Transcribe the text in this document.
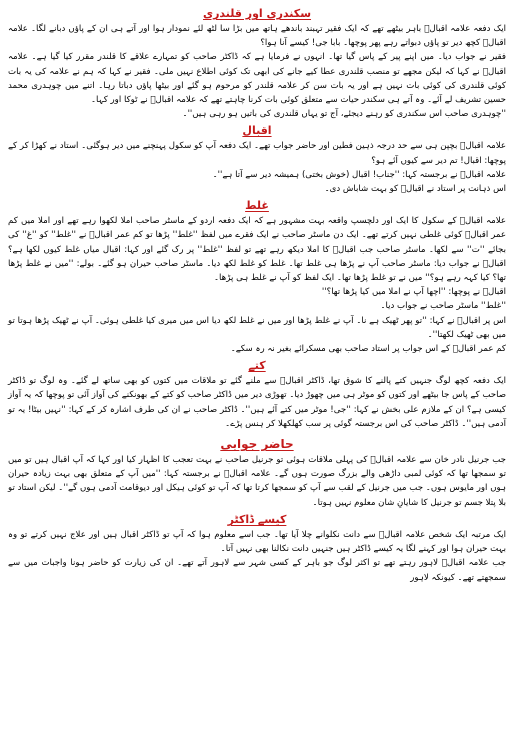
سکندری اور قلندری

ایک دفعہ علامہ اقبالؒ باہر بیٹھے تھے کہ ایک فقیر تہبند باندھے ہاتھ میں بڑا سا لٹھ لئے نمودار ہوا اور آتے ہی ان کے پاؤں دبانے لگا۔ علامہ اقبالؒ کچھ دیر تو پاؤں دبواتے رہے پھر پوچھا۔ بابا جی! کیسے آنا ہوا؟

فقیر نے جواب دیا۔ میں اپنے پیر کے پاس گیا تھا۔ انہوں نے فرمایا ہے کہ ڈاکٹر صاحب کو تمہارے علاقے کا قلندر مقرر کیا گیا ہے۔ علامہ اقبالؒ نے کہا کہ لیکن مجھے تو منصب قلندری عطا کیے جانے کی ابھی تک کوئی اطلاع نہیں ملی۔ فقیر نے کہا کہ ہم نے علامہ کی یہ بات کوئی قلندری کی کوئی بات نہیں ہے اور یہ بات سن کر علامہ قلندر کو مرحوم ہو گئے اور بیٹھا پاؤں دباتا رہا۔ اتنے میں چوہدری محمد حسین تشریف لے آئے۔ وہ آتے ہی سکندر حیات سے متعلق کوئی بات کرنا چاہتے تھے کہ علامہ اقبالؒ نے ٹوکا اور کہا۔

''چوہدری صاحب اس سکندری کو رہنے دیجئے، آج تو یہاں قلندری کی باتیں ہو رہی ہیں''۔

اقبال

علامہ اقبالؒ بچپن ہی سے حد درجہ ذہین فطین اور حاضر جواب تھے۔ ایک دفعہ آپ کو سکول پہنچنے میں دیر ہوگئی۔ استاد نے کھڑا کر کے پوچھا: اقبال! تم دیر سے کیوں آئے ہو؟

علامہ اقبالؒ نے برجستہ کہا: ''جناب! اقبال (خوش بختی) ہمیشہ دیر سے آتا ہے''۔

اس ذہانت پر استاد نے اقبالؒ کو بہت شاباش دی۔

غلط

علامہ اقبالؒ کے سکول کا ایک اور دلچسپ واقعہ بہت مشہور ہے کہ ایک دفعہ اردو کے ماسٹر صاحب املا لکھوا رہے تھے اور املا میں کم عمر اقبالؒ کوئی غلطی نہیں کرتے تھے۔ ایک دن ماسٹر صاحب نے ایک فقرے میں لفظ ''غلط'' پڑھا تو کم عمر اقبالؒ نے ''غلط'' کو ''غ'' کی بجائے ''ت'' سے لکھا۔ ماسٹر صاحب جب اقبالؒ کا املا دیکھ رہے تھے تو لفظ ''غلط'' پر رک گئے اور کہا: اقبال میاں غلط کیوں لکھا ہے؟ اقبالؒ نے جواب دیا: ماسٹر صاحب آپ نے پڑھا ہی غلط تھا۔ غلط کو غلط لکھ دیا۔ ماسٹر صاحب حیران ہو گئے۔ بولے: ''میں نے غلط پڑھا تھا؟ کیا کہہ رہے ہو؟'' میں نے تو غلط پڑھا تھا۔ ایک لفظ کو آپ نے غلط ہی پڑھا۔

اقبالؒ نے پوچھا: ''اچھا آپ نے املا میں کیا پڑھا تھا؟''

''غلط'' ماسٹر صاحب نے جواب دیا۔

اس پر اقبالؒ نے کہا: ''تو پھر ٹھیک ہے نا۔ آپ نے غلط پڑھا اور میں نے غلط لکھ دیا اس میں میری کیا غلطی ہوئی۔ آپ نے ٹھیک پڑھا ہوتا تو میں بھی ٹھیک لکھتا''۔

کم عمر اقبالؒ کے اس جواب پر استاد صاحب بھی مسکرائے بغیر نہ رہ سکے۔

کتے

ایک دفعہ کچھ لوگ جنہیں کتے پالنے کا شوق تھا، ڈاکٹر اقبالؒ سے ملنے گئے تو ملاقات میں کتوں کو بھی ساتھ لے گئے۔ وہ لوگ تو ڈاکٹر صاحب کے پاس جا بیٹھے اور کتوں کو موٹر ہی میں چھوڑ دیا۔ تھوڑی دیر میں ڈاکٹر صاحب کو کتے کے بھونکنے کی آواز آئی تو پوچھا کہ یہ آواز کیسی ہے؟ ان کے ملازم علی بخش نے کہا: ''جی! موٹر میں کتے آئے ہیں''۔ ڈاکٹر صاحب نے ان کی طرف اشارہ کر کے کہا: ''نہیں بیٹا! یہ تو آدمی ہیں''۔ ڈاکٹر صاحب کی اس برجستہ گوئی پر سب کھلکھلا کر ہنس پڑے۔

حاضر جوابی

جب جرنیل نادر خان سے علامہ اقبالؒ کی پہلی ملاقات ہوئی تو جرنیل صاحب نے بہت تعجب کا اظہار کیا اور کہا کہ آپ اقبال ہیں تو میں تو سمجھا تھا کہ کوئی لمبی داڑھی والے بزرگ صورت ہوں گے۔ علامہ اقبالؒ نے برجستہ کہا: ''میں آپ کے متعلق بھی بہت زیادہ حیران ہوں اور مایوس ہوں۔ جب میں جرنیل کے لقب سے آپ کو سمجھا کرتا تھا کہ آپ تو کوئی ہیکل اور دیوقامت آدمی ہوں گے''۔ لیکن استاد تو بلا پتلا جسم تو جرنیل کا شایانِ شان معلوم نہیں ہوتا۔

کیسے ڈاکٹر

ایک مرتبہ ایک شخص علامہ اقبالؒ سے دانت نکلوانے چلا آیا تھا۔ جب اسے معلوم ہوا کہ آپ تو ڈاکٹر اقبال ہیں اور علاج نہیں کرتے تو وہ بہت حیران ہوا اور کہنے لگا یہ کیسے ڈاکٹر ہیں جنہیں دانت نکالنا بھی نہیں آتا۔

جب علامہ اقبالؒ لاہور رہتے تھے تو اکثر لوگ جو باہر کے کسی شہر سے لاہور آتے تھے۔ ان کی زیارت کو حاضر ہونا واجبات میں سے سمجھتے تھے۔ کیونکہ لاہور
